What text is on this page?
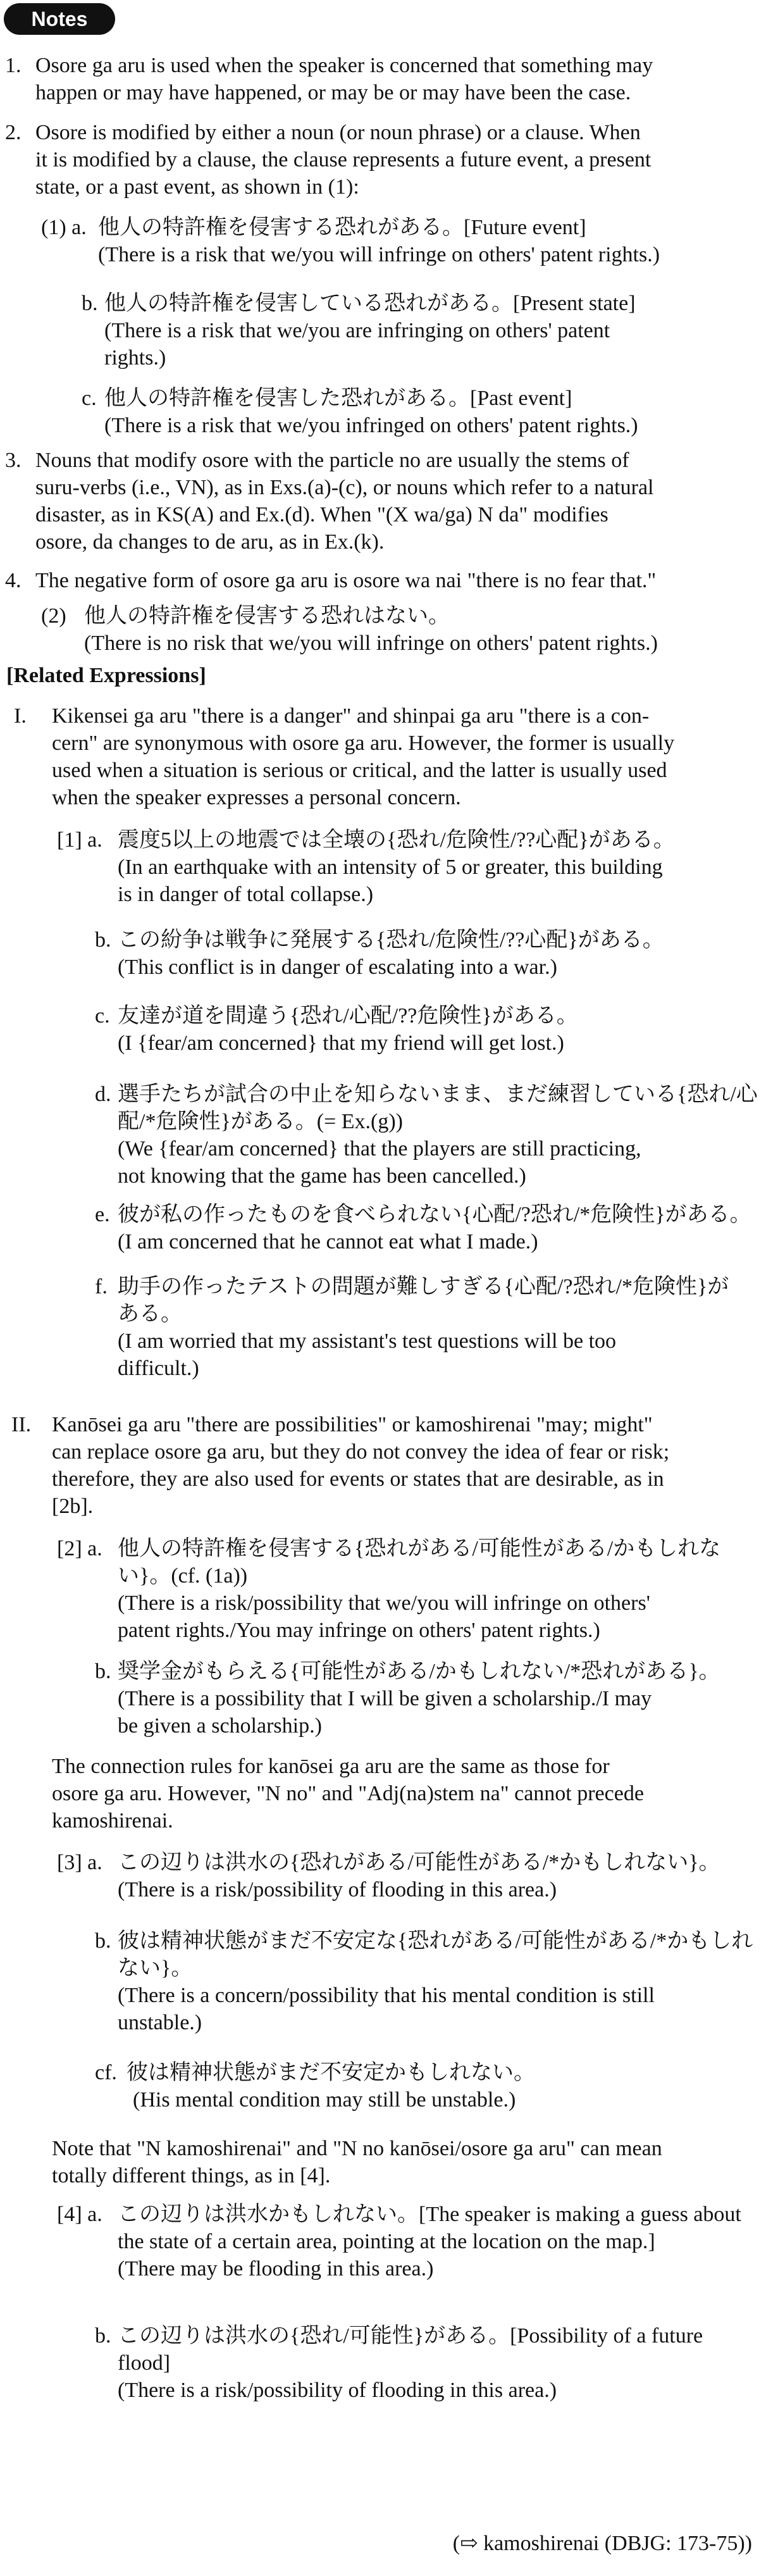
Notes
1. Osore ga aru is used when the speaker is concerned that something may
happen or may have happened, or may be or may have been the case.
2. Osore is modified by either a noun (or noun phrase) or a clause. When
it is modified by a clause, the clause represents a future event, a present
state, or a past event, as shown in (1):
(1) a. 他人の特許権を侵害する恐れがある。[Future event]
(There is a risk that we/you will infringe on others' patent rights.)
b. 他人の特許権を侵害している恐れがある。[Present state]
(There is a risk that we/you are infringing on others' patent
rights.)
c. 他人の特許権を侵害した恐れがある。[Past event]
(There is a risk that we/you infringed on others' patent rights.)
3. Nouns that modify osore with the particle no are usually the stems of
suru-verbs (i.e., VN), as in Exs.(a)-(c), or nouns which refer to a natural
disaster, as in KS(A) and Ex.(d). When "(X wa/ga) N da" modifies
osore, da changes to de aru, as in Ex.(k).
4. The negative form of osore ga aru is osore wa nai "there is no fear that."
(2) 他人の特許権を侵害する恐れはない。
(There is no risk that we/you will infringe on others' patent rights.)
[Related Expressions]
I. Kikensei ga aru "there is a danger" and shinpai ga aru "there is a con-
cern" are synonymous with osore ga aru. However, the former is usually
used when a situation is serious or critical, and the latter is usually used
when the speaker expresses a personal concern.
[1] a. 震度5以上の地震では全壊の{恐れ/危険性/??心配}がある。
(In an earthquake with an intensity of 5 or greater, this building
is in danger of total collapse.)
b. この紛争は戦争に発展する{恐れ/危険性/??心配}がある。
(This conflict is in danger of escalating into a war.)
c. 友達が道を間違う{恐れ/心配/??危険性}がある。
(I {fear/am concerned} that my friend will get lost.)
d. 選手たちが試合の中止を知らないまま、まだ練習している{恐れ/心
配/*危険性}がある。(= Ex.(g))
(We {fear/am concerned} that the players are still practicing,
not knowing that the game has been cancelled.)
e. 彼が私の作ったものを食べられない{心配/?恐れ/*危険性}がある。
(I am concerned that he cannot eat what I made.)
f. 助手の作ったテストの問題が難しすぎる{心配/?恐れ/*危険性}が
ある。
(I am worried that my assistant's test questions will be too
difficult.)
II. Kanōsei ga aru "there are possibilities" or kamoshirenai "may; might"
can replace osore ga aru, but they do not convey the idea of fear or risk;
therefore, they are also used for events or states that are desirable, as in
[2b].
[2] a. 他人の特許権を侵害する{恐れがある/可能性がある/かもしれな
い}。(cf. (1a))
(There is a risk/possibility that we/you will infringe on others'
patent rights./You may infringe on others' patent rights.)
b. 奨学金がもらえる{可能性がある/かもしれない/*恐れがある}。
(There is a possibility that I will be given a scholarship./I may
be given a scholarship.)
The connection rules for kanōsei ga aru are the same as those for
osore ga aru. However, "N no" and "Adj(na)stem na" cannot precede
kamoshirenai.
[3] a. この辺りは洪水の{恐れがある/可能性がある/*かもしれない}。
(There is a risk/possibility of flooding in this area.)
b. 彼は精神状態がまだ不安定な{恐れがある/可能性がある/*かもしれ
ない}。
(There is a concern/possibility that his mental condition is still
unstable.)
cf. 彼は精神状態がまだ不安定かもしれない。
(His mental condition may still be unstable.)
Note that "N kamoshirenai" and "N no kanōsei/osore ga aru" can mean
totally different things, as in [4].
[4] a. この辺りは洪水かもしれない。[The speaker is making a guess about
the state of a certain area, pointing at the location on the map.]
(There may be flooding in this area.)
b. この辺りは洪水の{恐れ/可能性}がある。[Possibility of a future
flood]
(There is a risk/possibility of flooding in this area.)
(⇨ kamoshirenai (DBJG: 173-75))
